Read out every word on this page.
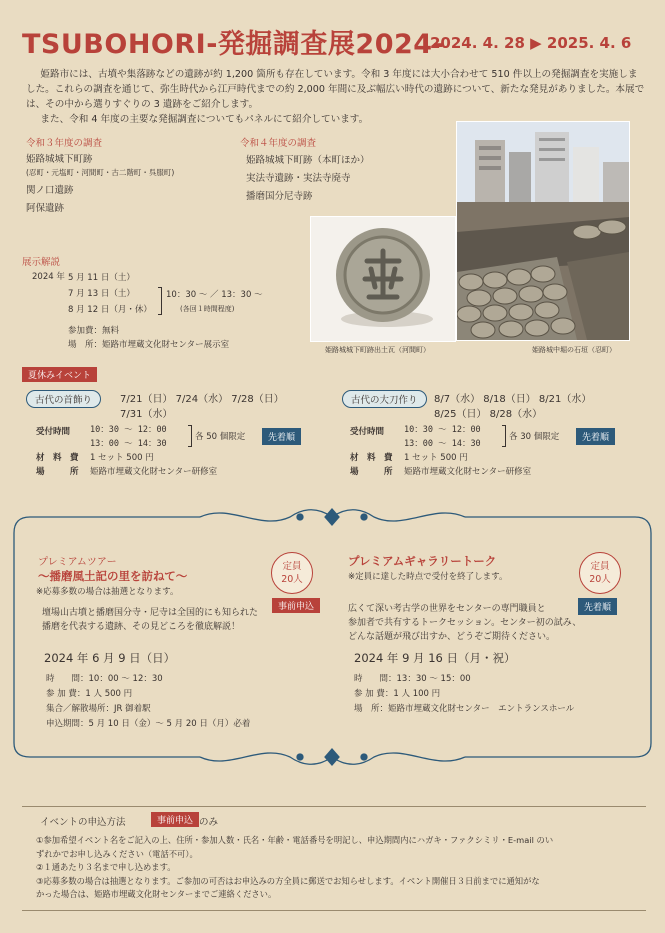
TSUBOHORI-発掘調査展2024-
2024. 4. 28 ▶ 2025. 4. 6

姫路市には、古墳や集落跡などの遺跡が約 1,200 箇所も存在しています。令和 3 年度には大小合わせて 510 件以上の発掘調査を実施しました。これらの調査を通じて、弥生時代から江戸時代までの約 2,000 年間に及ぶ幅広い時代の遺跡について、新たな発見がありました。本展では、その中から選りすぐりの 3 遺跡をご紹介します。

また、令和 4 年度の主要な発掘調査についてもパネルにて紹介しています。

令和３年度の調査
姫路城城下町跡
(忍町・元塩町・河間町・古二階町・呉服町)
関ノ口遺跡
阿保遺跡
令和４年度の調査
姫路城城下町跡（本町ほか）
実法寺遺跡・実法寺廃寺
播磨国分尼寺跡
姫路城城下町跡出土瓦（河間町）	姫路城中堀の石垣（忍町）
展示解説
2024 年 5 月 11 日（土）
7 月 13 日（土）
8 月 12 日（月・休）
10：30 ～ ／ 13：30 ～
(各回１時間程度)
参加費：無料
場　所：姫路市埋蔵文化財センター展示室
夏休みイベント
古代の首飾り	7/21（日） 7/24（水） 7/28（日）
7/31（水）
受付時間 10：30 ～ 12：00
13：00 ～ 14：30
各 50 個限定	先着順
材　料　費 1 セット 500 円
場　　　所 姫路市埋蔵文化財センター研修室
古代の大刀作り	8/7（水） 8/18（日） 8/21（水）
8/25（日） 8/28（水）
受付時間 10：30 ～ 12：00
13：00 ～ 14：30
各 30 個限定	先着順
材　料　費 1 セット 500 円
場　　　所 姫路市埋蔵文化財センター研修室
プレミアムツアー
～播磨風土記の里を訪ねて～
※応募多数の場合は抽選となります。
定員
20人
事前申込
壇場山古墳と播磨国分寺・尼寺は全国的にも知られた
播磨を代表する遺跡、その見どころを徹底解説！
2024 年 6 月 9 日（日）
時　　間：10：00 ～ 12：30
参 加 費：1 人 500 円
集合／解散場所：JR 御着駅
申込期間：5 月 10 日（金）～ 5 月 20 日（月）必着
プレミアムギャラリートーク
※定員に達した時点で受付を終了します。
定員
20人
先着順
広くて深い考古学の世界をセンターの専門職員と
参加者で共有するトークセッション。センター初の試み、
どんな話題が飛び出すか、どうぞご期待ください。
2024 年 9 月 16 日（月・祝）
時　　間：13：30 ～ 15：00
参 加 費：1 人 100 円
場　所：姫路市埋蔵文化財センター　エントランスホール
イベントの申込方法	事前申込 のみ
①参加希望イベント名をご記入の上、住所・参加人数・氏名・年齢・電話番号を明記し、申込期間内にハガキ・ファクシミリ・E-mail のい
ずれかでお申し込みください（電話不可）。
②１通あたり３名まで申し込めます。
③応募多数の場合は抽選となります。ご参加の可否はお申込みの方全員に郵送でお知らせします。イベント開催日３日前までに通知がな
かった場合は、姫路市埋蔵文化財センターまでご連絡ください。
